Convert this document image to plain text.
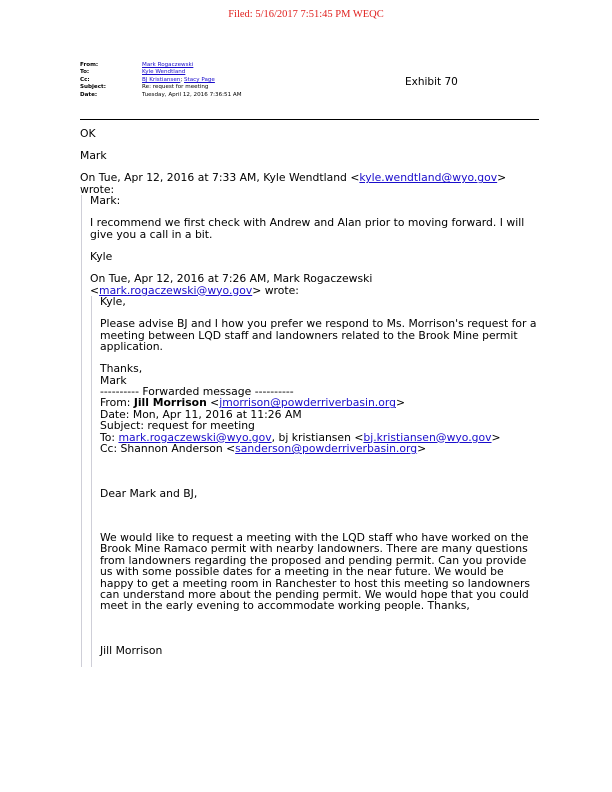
Filed: 5/16/2017 7:51:45 PM WEQC
From:	Mark Rogaczewski
To:	Kyle Wendtland
Cc:	BJ Kristiansen ;
Stacy Page
Subject:	Re: request for meeting
Date:	Tuesday, April 12, 2016 7:36:51 AM
Exhibit 70

OK

Mark

On Tue, Apr 12, 2016 at 7:33 AM, Kyle Wendtland <kyle.wendtland@wyo.gov>

wrote:

Mark:

I recommend we first check with Andrew and Alan prior to moving forward. I will give you a call in a bit.

Kyle

On Tue, Apr 12, 2016 at 7:26 AM, Mark Rogaczewski

<mark.rogaczewski@wyo.gov> wrote:

Kyle,

Please advise BJ and I how you prefer we respond to Ms. Morrison's request for a meeting between LQD staff and landowners related to the Brook Mine permit application.

Thanks,

Mark

---------- Forwarded message ----------

From: Jill Morrison <jmorrison@powderriverbasin.org>

Date: Mon, Apr 11, 2016 at 11:26 AM

Subject: request for meeting

To: mark.rogaczewski@wyo.gov, bj kristiansen <bj.kristiansen@wyo.gov>

Cc: Shannon Anderson <sanderson@powderriverbasin.org>

Dear Mark and BJ,

We would like to request a meeting with the LQD staff who have worked on the Brook Mine Ramaco permit with nearby landowners. There are many questions from landowners regarding the proposed and pending permit. Can you provide us with some possible dates for a meeting in the near future. We would be happy to get a meeting room in Ranchester to host this meeting so landowners can understand more about the pending permit. We would hope that you could meet in the early evening to accommodate working people. Thanks,

Jill Morrison
